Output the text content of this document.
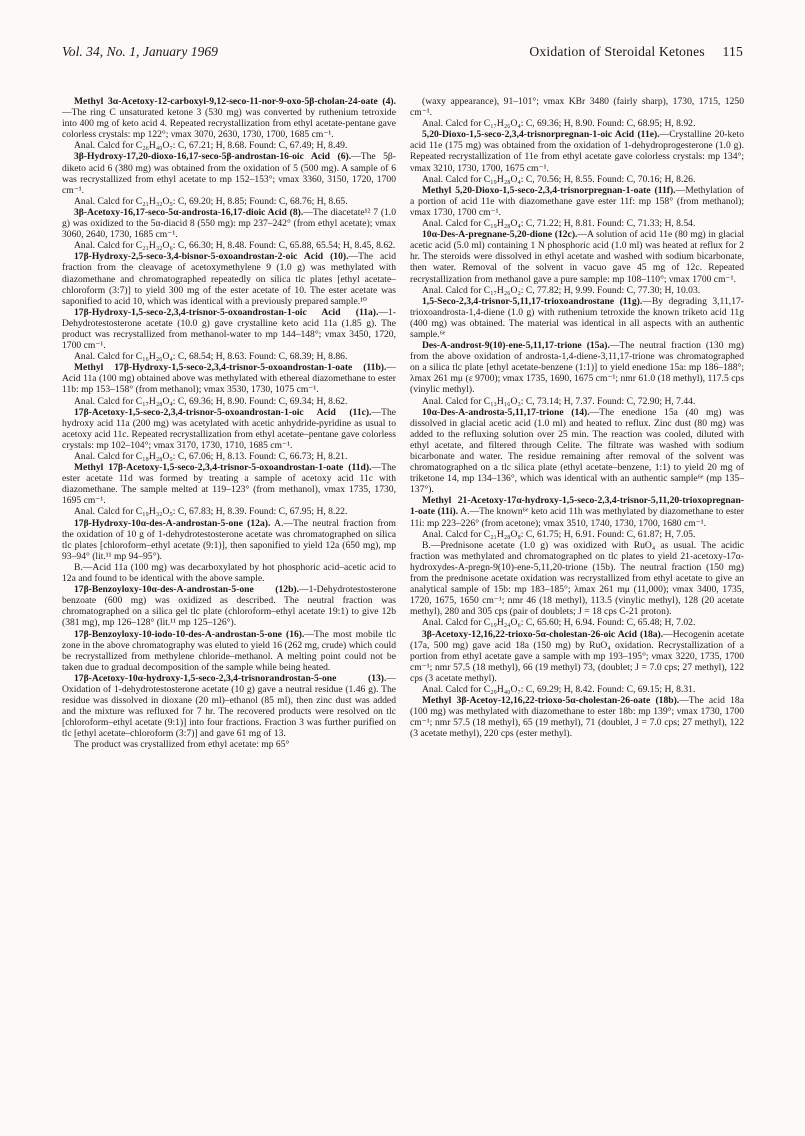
Vol. 34, No. 1, January 1969	Oxidation of Steroidal Ketones 115

Methyl 3α-Acetoxy-12-carboxyl-9,12-seco-11-nor-9-oxo-5β-cholan-24-oate (4).—The ring C unsaturated ketone 3 (530 mg) was converted by ruthenium tetroxide into 400 mg of keto acid 4. Repeated recrystallization from ethyl acetate-pentane gave colorless crystals: mp 122°; νmax 3070, 2630, 1730, 1700, 1685 cm⁻¹.

Anal. Calcd for C₂₆H₄₀O₇: C, 67.21; H, 8.68. Found: C, 67.49; H, 8.49.

3β-Hydroxy-17,20-dioxo-16,17-seco-5β-androstan-16-oic Acid (6).—The 5β-diketo acid 6 (380 mg) was obtained from the oxidation of 5 (500 mg). A sample of 6 was recrystallized from ethyl acetate to mp 152–153°; νmax 3360, 3150, 1720, 1700 cm⁻¹.

Anal. Calcd for C₂₁H₃₂O₅: C, 69.20; H, 8.85; Found: C, 68.76; H, 8.65.

3β-Acetoxy-16,17-seco-5α-androsta-16,17-dioic Acid (8).—The diacetate¹² 7 (1.0 g) was oxidized to the 5α-diacid 8 (550 mg): mp 237–242° (from ethyl acetate); νmax 3060, 2640, 1730, 1685 cm⁻¹.

Anal. Calcd for C₂₁H₃₂O₆: C, 66.30; H, 8.48. Found: C, 65.88, 65.54; H, 8.45, 8.62.

17β-Hydroxy-2,5-seco-3,4-bisnor-5-oxoandrostan-2-oic Acid (10).—The acid fraction from the cleavage of acetoxymethylene 9 (1.0 g) was methylated with diazomethane and chromatographed repeatedly on silica tlc plates [ethyl acetate–chloroform (3:7)] to yield 300 mg of the ester acetate of 10. The ester acetate was saponified to acid 10, which was identical with a previously prepared sample.¹⁰

17β-Hydroxy-1,5-seco-2,3,4-trisnor-5-oxoandrostan-1-oic Acid (11a).—1-Dehydrotestosterone acetate (10.0 g) gave crystalline keto acid 11a (1.85 g). The product was recrystallized from methanol-water to mp 144–148°; νmax 3450, 1720, 1700 cm⁻¹.

Anal. Calcd for C₁₆H₂₆O₄: C, 68.54; H, 8.63. Found: C, 68.39; H, 8.86.

Methyl 17β-Hydroxy-1,5-seco-2,3,4-trisnor-5-oxoandrostan-1-oate (11b).—Acid 11a (100 mg) obtained above was methylated with ethereal diazomethane to ester 11b: mp 153–158° (from methanol); νmax 3530, 1730, 1075 cm⁻¹.

Anal. Calcd for C₁₇H₂₈O₄: C, 69.36; H, 8.90. Found: C, 69.34; H, 8.62.

17β-Acetoxy-1,5-seco-2,3,4-trisnor-5-oxoandrostan-1-oic Acid (11c).—The hydroxy acid 11a (200 mg) was acetylated with acetic anhydride-pyridine as usual to acetoxy acid 11c. Repeated recrystallization from ethyl acetate–pentane gave colorless crystals: mp 102–104°; νmax 3170, 1730, 1710, 1685 cm⁻¹.

Anal. Calcd for C₁₈H₂₈O₅: C, 67.06; H, 8.13. Found: C, 66.73; H, 8.21.

Methyl 17β-Acetoxy-1,5-seco-2,3,4-trisnor-5-oxoandrostan-1-oate (11d).—The ester acetate 11d was formed by treating a sample of acetoxy acid 11c with diazomethane. The sample melted at 119–123° (from methanol), νmax 1735, 1730, 1695 cm⁻¹.

Anal. Calcd for C₁₉H₃₂O₅: C, 67.83; H, 8.39. Found: C, 67.95; H, 8.22.

17β-Hydroxy-10α-des-A-androstan-5-one (12a). A.—The neutral fraction from the oxidation of 10 g of 1-dehydrotestosterone acetate was chromatographed on silica tlc plates [chloroform–ethyl acetate (9:1)], then saponified to yield 12a (650 mg), mp 93–94° (lit.¹¹ mp 94–95°).

B.—Acid 11a (100 mg) was decarboxylated by hot phosphoric acid–acetic acid to 12a and found to be identical with the above sample.

17β-Benzoyloxy-10α-des-A-androstan-5-one (12b).—1-Dehydrotestosterone benzoate (600 mg) was oxidized as described. The neutral fraction was chromatographed on a silica gel tlc plate (chloroform–ethyl acetate 19:1) to give 12b (381 mg), mp 126–128° (lit.¹¹ mp 125–126°).

17β-Benzoyloxy-10-iodo-10-des-A-androstan-5-one (16).—The most mobile tlc zone in the above chromatography was eluted to yield 16 (262 mg, crude) which could be recrystallized from methylene chloride–methanol. A melting point could not be taken due to gradual decomposition of the sample while being heated.

17β-Acetoxy-10α-hydroxy-1,5-seco-2,3,4-trisnorandrostan-5-one (13).—Oxidation of 1-dehydrotestosterone acetate (10 g) gave a neutral residue (1.46 g). The residue was dissolved in dioxane (20 ml)–ethanol (85 ml), then zinc dust was added and the mixture was refluxed for 7 hr. The recovered products were resolved on tlc [chloroform–ethyl acetate (9:1)] into four fractions. Fraction 3 was further purified on tlc [ethyl acetate–chloroform (3:7)] and gave 61 mg of 13.

The product was crystallized from ethyl acetate: mp 65°

(waxy appearance), 91–101°; νmax KBr 3480 (fairly sharp), 1730, 1715, 1250 cm⁻¹.

Anal. Calcd for C₁₇H₂₆O₄: C, 69.36; H, 8.90. Found: C, 68.95; H, 8.92.

5,20-Dioxo-1,5-seco-2,3,4-trisnorpregnan-1-oic Acid (11e).—Crystalline 20-keto acid 11e (175 mg) was obtained from the oxidation of 1-dehydroprogesterone (1.0 g). Repeated recrystallization of 11e from ethyl acetate gave colorless crystals: mp 134°; νmax 3210, 1730, 1700, 1675 cm⁻¹.

Anal. Calcd for C₁₉H₂₈O₄: C, 70.56; H, 8.55. Found: C, 70.16; H, 8.26.

Methyl 5,20-Dioxo-1,5-seco-2,3,4-trisnorpregnan-1-oate (11f).—Methylation of a portion of acid 11e with diazomethane gave ester 11f: mp 158° (from methanol); νmax 1730, 1700 cm⁻¹.

Anal. Calcd for C₁₉H₂₈O₄: C, 71.22; H, 8.81. Found: C, 71.33; H, 8.54.

10α-Des-A-pregnane-5,20-dione (12c).—A solution of acid 11e (80 mg) in glacial acetic acid (5.0 ml) containing 1 N phosphoric acid (1.0 ml) was heated at reflux for 2 hr. The steroids were dissolved in ethyl acetate and washed with sodium bicarbonate, then water. Removal of the solvent in vacuo gave 45 mg of 12c. Repeated recrystallization from methanol gave a pure sample: mp 108–110°; νmax 1700 cm⁻¹.

Anal. Calcd for C₁₇H₂₆O₂: C, 77.82; H, 9.99. Found: C, 77.30; H, 10.03.

1,5-Seco-2,3,4-trisnor-5,11,17-trioxoandrostane (11g).—By degrading 3,11,17-trioxoandrosta-1,4-diene (1.0 g) with ruthenium tetroxide the known triketo acid 11g (400 mg) was obtained. The material was identical in all aspects with an authentic sample.⁶ᵉ

Des-A-androst-9(10)-ene-5,11,17-trione (15a).—The neutral fraction (130 mg) from the above oxidation of androsta-1,4-diene-3,11,17-trione was chromatographed on a silica tlc plate [ethyl acetate-benzene (1:1)] to yield enedione 15a: mp 186–188°; λmax 261 mμ (ε 9700); νmax 1735, 1690, 1675 cm⁻¹; nmr 61.0 (18 methyl), 117.5 cps (vinylic methyl).

Anal. Calcd for C₁₃H₁₆O₃: C, 73.14; H, 7.37. Found: C, 72.90; H, 7.44.

10α-Des-A-androsta-5,11,17-trione (14).—The enedione 15a (40 mg) was dissolved in glacial acetic acid (1.0 ml) and heated to reflux. Zinc dust (80 mg) was added to the refluxing solution over 25 min. The reaction was cooled, diluted with ethyl acetate, and filtered through Celite. The filtrate was washed with sodium bicarbonate and water. The residue remaining after removal of the solvent was chromatographed on a tlc silica plate (ethyl acetate–benzene, 1:1) to yield 20 mg of triketone 14, mp 134–136°, which was identical with an authentic sample⁶ᵉ (mp 135–137°).

Methyl 21-Acetoxy-17α-hydroxy-1,5-seco-2,3,4-trisnor-5,11,20-trioxopregnan-1-oate (11i). A.—The known⁶ᵉ keto acid 11h was methylated by diazomethane to ester 11i: mp 223–226° (from acetone); νmax 3510, 1740, 1730, 1700, 1680 cm⁻¹.

Anal. Calcd for C₂₁H₂₈O₈: C, 61.75; H, 6.91. Found: C, 61.87; H, 7.05.

B.—Prednisone acetate (1.0 g) was oxidized with RuO₄ as usual. The acidic fraction was methylated and chromatographed on tlc plates to yield 21-acetoxy-17α-hydroxydes-A-pregn-9(10)-ene-5,11,20-trione (15b). The neutral fraction (150 mg) from the prednisone acetate oxidation was recrystallized from ethyl acetate to give an analytical sample of 15b: mp 183–185°; λmax 261 mμ (11,000); νmax 3400, 1735, 1720, 1675, 1650 cm⁻¹; nmr 46 (18 methyl), 113.5 (vinylic methyl), 128 (20 acetate methyl), 280 and 305 cps (pair of doublets; J = 18 cps C-21 proton).

Anal. Calcd for C₁₉H₂₄O₆: C, 65.60; H, 6.94. Found: C, 65.48; H, 7.02.

3β-Acetoxy-12,16,22-trioxo-5α-cholestan-26-oic Acid (18a).—Hecogenin acetate (17a, 500 mg) gave acid 18a (150 mg) by RuO₄ oxidation. Recrystallization of a portion from ethyl acetate gave a sample with mp 193–195°; νmax 3220, 1735, 1700 cm⁻¹; nmr 57.5 (18 methyl), 66 (19 methyl) 73, (doublet; J = 7.0 cps; 27 methyl), 122 cps (3 acetate methyl).

Anal. Calcd for C₂₉H₄₀O₇: C, 69.29; H, 8.42. Found: C, 69.15; H, 8.31.

Methyl 3β-Acetoy-12,16,22-trioxo-5α-cholestan-26-oate (18b).—The acid 18a (100 mg) was methylated with diazomethane to ester 18b: mp 139°; νmax 1730, 1700 cm⁻¹; nmr 57.5 (18 methyl), 65 (19 methyl), 71 (doublet, J = 7.0 cps; 27 methyl), 122 (3 acetate methyl), 220 cps (ester methyl).
